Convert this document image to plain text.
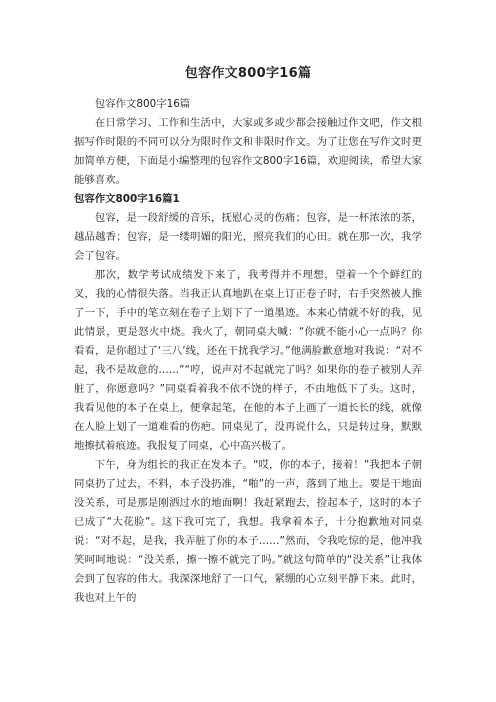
包容作文800字16篇

包容作文800字16篇

在日常学习、工作和生活中，大家或多或少都会接触过作文吧，作文根据写作时限的不同可以分为限时作文和非限时作文。为了让您在写作文时更加简单方便，下面是小编整理的包容作文800字16篇，欢迎阅读，希望大家能够喜欢。

包容作文800字16篇1

包容，是一段舒缓的音乐，抚慰心灵的伤痛；包容，是一杯浓浓的茶，越品越香；包容，是一缕明媚的阳光，照亮我们的心田。就在那一次，我学会了包容。

那次，数学考试成绩发下来了，我考得并不理想，望着一个个鲜红的叉，我的心情很失落。当我正认真地趴在桌上订正卷子时，右手突然被人推了一下，手中的笔立刻在卷子上划下了一道墨迹。本来心情就不好的我，见此情景，更是怒火中烧。我火了，朝同桌大喊：“你就不能小心一点吗？你看看，是你超过了‘三八’线，还在干扰我学习。”他满脸歉意地对我说：“对不起，我不是故意的……”“哼，说声对不起就完了吗？如果你的卷子被别人弄脏了，你愿意吗？”同桌看着我不依不饶的样子，不由地低下了头。这时，我看见他的本子在桌上，便拿起笔，在他的本子上画了一道长长的线，就像在人脸上划了一道难看的伤疤。同桌见了，没再说什么，只是转过身，默默地擦拭着痕迹。我报复了同桌，心中高兴极了。

下午，身为组长的我正在发本子。“哎，你的本子，接着！”我把本子朝同桌扔了过去，不料，本子没扔准，“啪”的一声，落到了地上。要是干地面没关系，可是那是刚洒过水的地面啊！我赶紧跑去，捡起本子，这时的本子已成了“大花脸”。这下我可完了，我想。我拿着本子，十分抱歉地对同桌说：“对不起，是我，我弄脏了你的本子……”然而，令我吃惊的是，他冲我笑呵呵地说：“没关系，擦一擦不就完了吗。”就这句简单的“没关系”让我体会到了包容的伟大。我深深地舒了一口气，紧绷的心立刻平静下来。此时，我也对上午的
